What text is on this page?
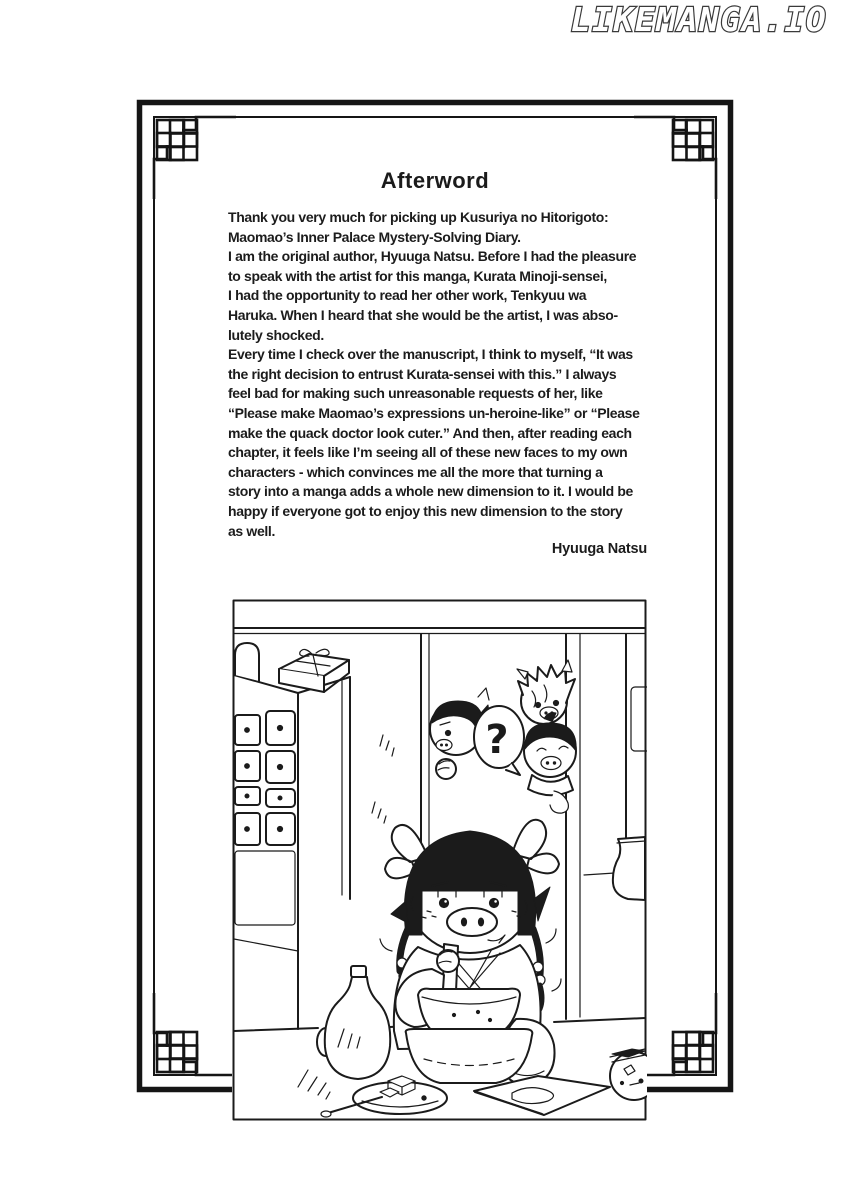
LIKEMANGA.IO
Afterword
Thank you very much for picking up Kusuriya no Hitorigoto:
Maomao’s Inner Palace Mystery-Solving Diary.
I am the original author, Hyuuga Natsu. Before I had the pleasure
to speak with the artist for this manga, Kurata Minoji-sensei,
I had the opportunity to read her other work, Tenkyuu wa
Haruka. When I heard that she would be the artist, I was abso-
lutely shocked.
Every time I check over the manuscript, I think to myself, “It was
the right decision to entrust Kurata-sensei with this.” I always
feel bad for making such unreasonable requests of her, like
“Please make Maomao’s expressions un-heroine-like” or “Please
make the quack doctor look cuter.” And then, after reading each
chapter, it feels like I’m seeing all of these new faces to my own
characters - which convinces me all the more that turning a
story into a manga adds a whole new dimension to it. I would be
happy if everyone got to enjoy this new dimension to the story
as well.
Hyuuga Natsu
?
